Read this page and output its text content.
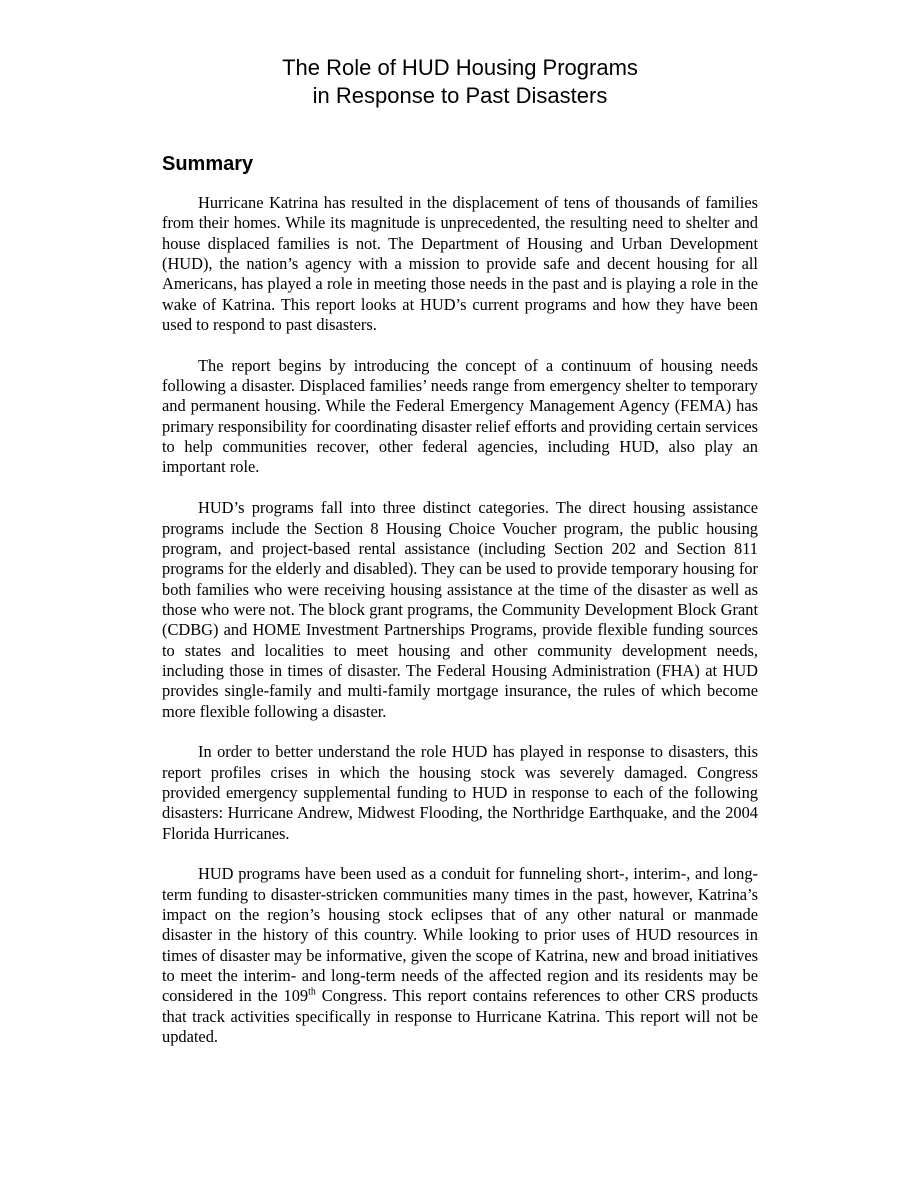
The Role of HUD Housing Programs
in Response to Past Disasters
Summary

Hurricane Katrina has resulted in the displacement of tens of thousands of families from their homes. While its magnitude is unprecedented, the resulting need to shelter and house displaced families is not. The Department of Housing and Urban Development (HUD), the nation’s agency with a mission to provide safe and decent housing for all Americans, has played a role in meeting those needs in the past and is playing a role in the wake of Katrina. This report looks at HUD’s current programs and how they have been used to respond to past disasters.

The report begins by introducing the concept of a continuum of housing needs following a disaster. Displaced families’ needs range from emergency shelter to temporary and permanent housing. While the Federal Emergency Management Agency (FEMA) has primary responsibility for coordinating disaster relief efforts and providing certain services to help communities recover, other federal agencies, including HUD, also play an important role.

HUD’s programs fall into three distinct categories. The direct housing assistance programs include the Section 8 Housing Choice Voucher program, the public housing program, and project-based rental assistance (including Section 202 and Section 811 programs for the elderly and disabled). They can be used to provide temporary housing for both families who were receiving housing assistance at the time of the disaster as well as those who were not. The block grant programs, the Community Development Block Grant (CDBG) and HOME Investment Partnerships Programs, provide flexible funding sources to states and localities to meet housing and other community development needs, including those in times of disaster. The Federal Housing Administration (FHA) at HUD provides single-family and multi-family mortgage insurance, the rules of which become more flexible following a disaster.

In order to better understand the role HUD has played in response to disasters, this report profiles crises in which the housing stock was severely damaged. Congress provided emergency supplemental funding to HUD in response to each of the following disasters: Hurricane Andrew, Midwest Flooding, the Northridge Earthquake, and the 2004 Florida Hurricanes.

HUD programs have been used as a conduit for funneling short-, interim-, and long-term funding to disaster-stricken communities many times in the past, however, Katrina’s impact on the region’s housing stock eclipses that of any other natural or manmade disaster in the history of this country. While looking to prior uses of HUD resources in times of disaster may be informative, given the scope of Katrina, new and broad initiatives to meet the interim- and long-term needs of the affected region and its residents may be considered in the 109th Congress. This report contains references to other CRS products that track activities specifically in response to Hurricane Katrina. This report will not be updated.
